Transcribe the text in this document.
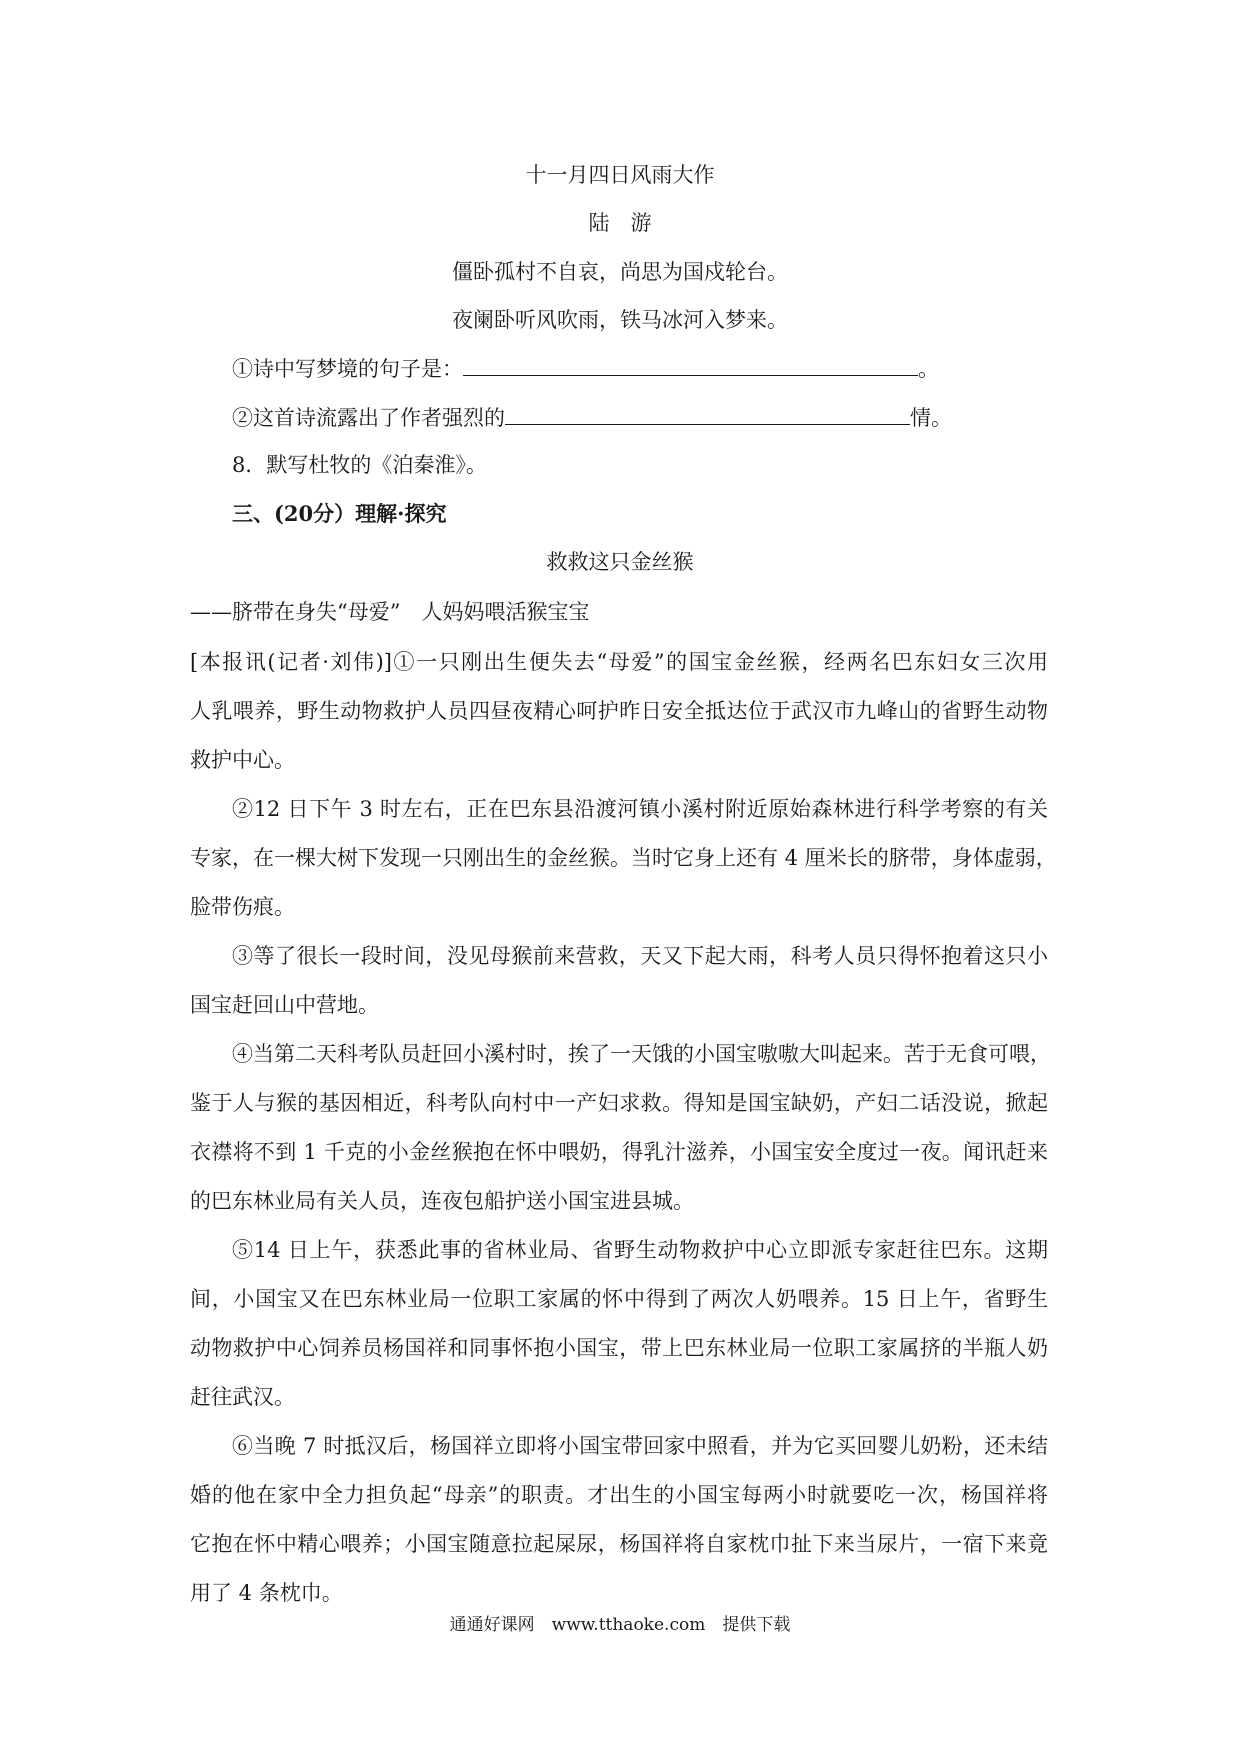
十一月四日风雨大作
陆　游
僵卧孤村不自哀，尚思为国戍轮台。
夜阑卧听风吹雨，铁马冰河入梦来。
①诗中写梦境的句子是：	。
②这首诗流露出了作者强烈的	情。
8．默写杜牧的《泊秦淮》。
三、(20分）理解·探究
救救这只金丝猴
——脐带在身失“母爱”　人妈妈喂活猴宝宝
[本报讯(记者·刘伟)]①一只刚出生便失去“母爱”的国宝金丝猴，经两名巴东妇女三次用
人乳喂养，野生动物救护人员四昼夜精心呵护昨日安全抵达位于武汉市九峰山的省野生动物
救护中心。
②12 日下午 3 时左右，正在巴东县沿渡河镇小溪村附近原始森林进行科学考察的有关
专家，在一棵大树下发现一只刚出生的金丝猴。当时它身上还有 4 厘米长的脐带，身体虚弱，
脸带伤痕。
③等了很长一段时间，没见母猴前来营救，天又下起大雨，科考人员只得怀抱着这只小
国宝赶回山中营地。
④当第二天科考队员赶回小溪村时，挨了一天饿的小国宝嗷嗷大叫起来。苦于无食可喂，
鉴于人与猴的基因相近，科考队向村中一产妇求救。得知是国宝缺奶，产妇二话没说，掀起
衣襟将不到 1 千克的小金丝猴抱在怀中喂奶，得乳汁滋养，小国宝安全度过一夜。闻讯赶来
的巴东林业局有关人员，连夜包船护送小国宝进县城。
⑤14 日上午，获悉此事的省林业局、省野生动物救护中心立即派专家赶往巴东。这期
间，小国宝又在巴东林业局一位职工家属的怀中得到了两次人奶喂养。15 日上午，省野生
动物救护中心饲养员杨国祥和同事怀抱小国宝，带上巴东林业局一位职工家属挤的半瓶人奶
赶往武汉。
⑥当晚 7 时抵汉后，杨国祥立即将小国宝带回家中照看，并为它买回婴儿奶粉，还未结
婚的他在家中全力担负起“母亲”的职责。才出生的小国宝每两小时就要吃一次，杨国祥将
它抱在怀中精心喂养；小国宝随意拉起屎尿，杨国祥将自家枕巾扯下来当尿片，一宿下来竟
用了 4 条枕巾。
通通好课网　www.tthaoke.com　提供下载
